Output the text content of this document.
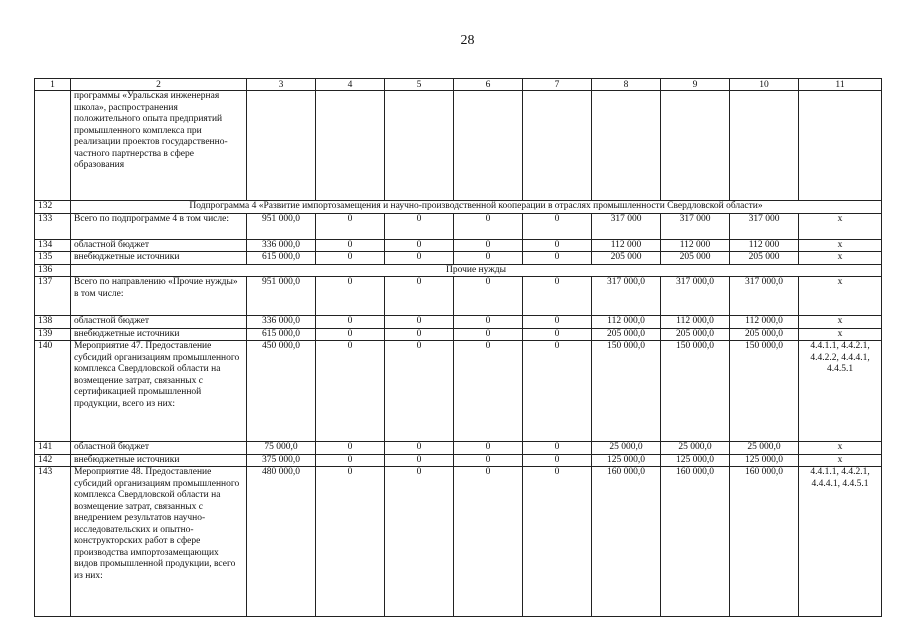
28
1	2	3	4	5	6	7	8	9	10	11
	программы «Уральская инженерная школа», распространения положительного опыта предприятий промышленного комплекса при реализации проектов государственно-частного партнерства в сфере образования									
132	Подпрограмма 4 «Развитие импортозамещения и научно-производственной кооперации в отраслях промышленности Свердловской области»									
133	Всего по подпрограмме 4 в том числе:	951 000,0	0	0	0	0	317 000	317 000	317 000	х
134	областной бюджет	336 000,0	0	0	0	0	112 000	112 000	112 000	х
135	внебюджетные источники	615 000,0	0	0	0	0	205 000	205 000	205 000	х
136	Прочие нужды									
137	Всего по направлению «Прочие нужды» в том числе:	951 000,0	0	0	0	0	317 000,0	317 000,0	317 000,0	х
138	областной бюджет	336 000,0	0	0	0	0	112 000,0	112 000,0	112 000,0	х
139	внебюджетные источники	615 000,0	0	0	0	0	205 000,0	205 000,0	205 000,0	х
140	Мероприятие 47. Предоставление субсидий организациям промышленного комплекса Свердловской области на возмещение затрат, связанных с сертификацией промышленной продукции, всего из них:	450 000,0	0	0	0	0	150 000,0	150 000,0	150 000,0	4.4.1.1, 4.4.2.1, 4.4.2.2, 4.4.4.1, 4.4.5.1
141	областной бюджет	75 000,0	0	0	0	0	25 000,0	25 000,0	25 000,0	х
142	внебюджетные источники	375 000,0	0	0	0	0	125 000,0	125 000,0	125 000,0	х
143	Мероприятие 48. Предоставление субсидий организациям промышленного комплекса Свердловской области на возмещение затрат, связанных с внедрением результатов научно-исследовательских и опытно-конструкторских работ в сфере производства импортозамещающих видов промышленной продукции, всего из них:	480 000,0	0	0	0	0	160 000,0	160 000,0	160 000,0	4.4.1.1, 4.4.2.1, 4.4.4.1, 4.4.5.1
